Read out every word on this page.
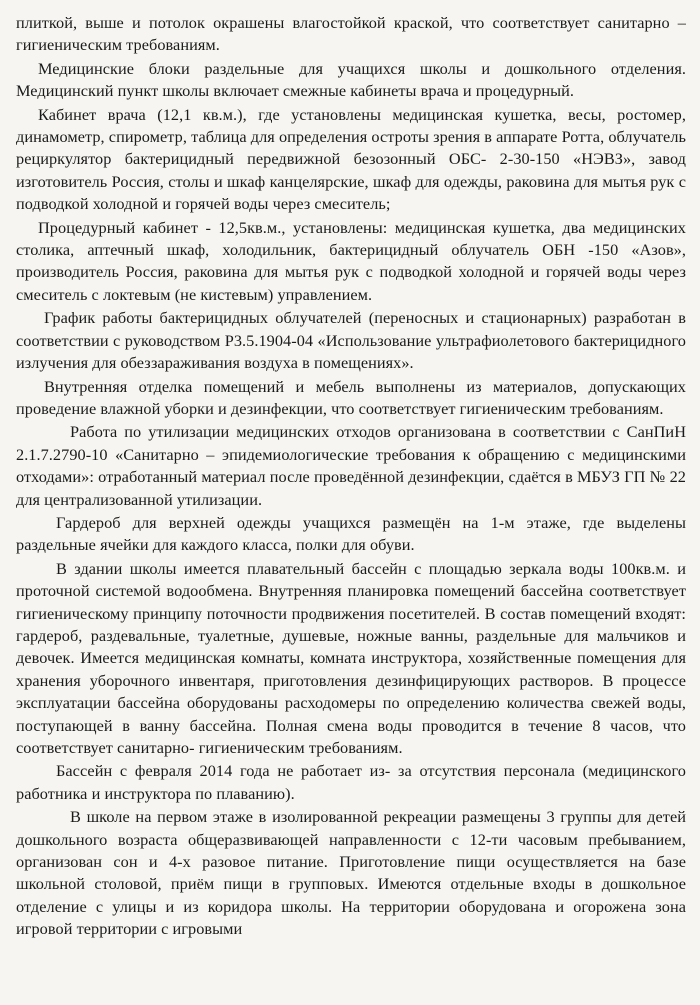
плиткой, выше и потолок окрашены влагостойкой краской, что соответствует санитарно – гигиеническим требованиям.

Медицинские блоки раздельные для учащихся школы и дошкольного отделения. Медицинский пункт школы включает смежные кабинеты врача и процедурный.

Кабинет врача (12,1 кв.м.), где установлены медицинская кушетка, весы, ростомер, динамометр, спирометр, таблица для определения остроты зрения в аппарате Ротта, облучатель рециркулятор бактерицидный передвижной безозонный ОБС- 2-30-150 «НЭВЗ», завод изготовитель Россия, столы и шкаф канцелярские, шкаф для одежды, раковина для мытья рук с подводкой холодной и горячей воды через смеситель;

Процедурный кабинет - 12,5кв.м., установлены: медицинская кушетка, два медицинских столика, аптечный шкаф, холодильник, бактерицидный облучатель ОБН -150 «Азов», производитель Россия, раковина для мытья рук с подводкой холодной и горячей воды через смеситель с локтевым (не кистевым) управлением.

График работы бактерицидных облучателей (переносных и стационарных) разработан в соответствии с руководством Р3.5.1904-04 «Использование ультрафиолетового бактерицидного излучения для обеззараживания воздуха в помещениях».

Внутренняя отделка помещений и мебель выполнены из материалов, допускающих проведение влажной уборки и дезинфекции, что соответствует гигиеническим требованиям.

Работа по утилизации медицинских отходов организована в соответствии с СанПиН 2.1.7.2790-10 «Санитарно – эпидемиологические требования к обращению с медицинскими отходами»: отработанный материал после проведённой дезинфекции, сдаётся в МБУЗ ГП № 22 для централизованной утилизации.

Гардероб для верхней одежды учащихся размещён на 1-м этаже, где выделены раздельные ячейки для каждого класса, полки для обуви.

В здании школы имеется плавательный бассейн с площадью зеркала воды 100кв.м. и проточной системой водообмена. Внутренняя планировка помещений бассейна соответствует гигиеническому принципу поточности продвижения посетителей. В состав помещений входят: гардероб, раздевальные, туалетные, душевые, ножные ванны, раздельные для мальчиков и девочек. Имеется медицинская комнаты, комната инструктора, хозяйственные помещения для хранения уборочного инвентаря, приготовления дезинфицирующих растворов. В процессе эксплуатации бассейна оборудованы расходомеры по определению количества свежей воды, поступающей в ванну бассейна. Полная смена воды проводится в течение 8 часов, что соответствует санитарно- гигиеническим требованиям.

Бассейн с февраля 2014 года не работает из- за отсутствия персонала (медицинского работника и инструктора по плаванию).

В школе на первом этаже в изолированной рекреации размещены 3 группы для детей дошкольного возраста общеразвивающей направленности с 12-ти часовым пребыванием, организован сон и 4-х разовое питание. Приготовление пищи осуществляется на базе школьной столовой, приём пищи в групповых. Имеются отдельные входы в дошкольное отделение с улицы и из коридора школы. На территории оборудована и огорожена зона игровой территории с игровыми
